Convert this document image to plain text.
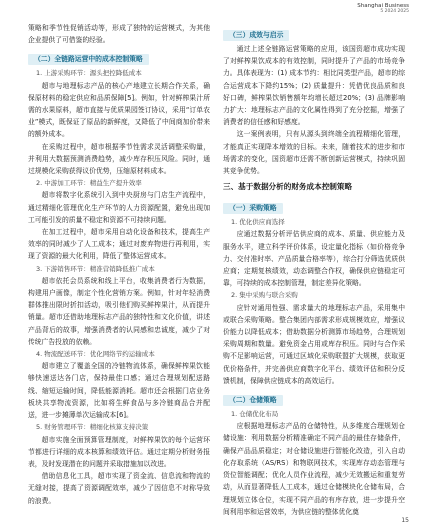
Shanghai Business
5 2024 2025

策略和季节性促销活动等，形成了独特的运营模式，为其他企业提供了可借鉴的经验。

（二）全链路运营中的成本控制策略
1. 上游采购环节：源头把控降低成本

超市与地理标志产品的核心产地建立长期合作关系，确保原材料的稳定供应和品质保障[5]。例如，针对鲜榨果汁所需的水果原料，超市直接与优质果园签订协议，采用“订单农业”模式，既保证了原品的新鲜度，又降低了中间商加价带来的额外成本。

在采购过程中，超市根据季节性需求灵活调整采购量，并利用大数据预测消费趋势，减少库存积压风险。同时，通过规模化采购获得议价优势，压缩原材料成本。

2. 中游加工环节：精益生产提升效率

超市将数字化系统引入到中央厨房与门店生产流程中，通过精细化管理优化生产环节的人力资源配置，避免出现加工可能引发的质量不稳定和资源不可持续问题。

在加工过程中，超市采用自动化设备和技术，提高生产效率的同时减少了人工成本；通过对废弃物进行再利用，实现了资源的最大化利用，降低了整体运营成本。

3. 下游销售环节：精准营销降低推广成本

超市依托会员系统和线上平台，收集消费者行为数据，构建用户画像，制定个性化营销方案。例如，针对年轻消费群体推出限时折扣活动，吸引他们购买鲜榨果汁，从而提升销量。超市还借助地理标志产品的独特性和文化价值，讲述产品背后的故事，增强消费者的认同感和忠诚度，减少了对传统广告投放的依赖。

4. 物流配送环节：优化网络节约运输成本

超市建立了覆盖全国的冷链物流体系，确保鲜榨果饮能够快速送达各门店，保持最佳口感；通过合理规划配送路线、缩短运输时间，降低能源消耗。超市还会根据门店业务板块共享物流资源，比如将生鲜食品与多冷链商品合并配送，进一步摊薄单次运输成本[6]。

5. 财务管理环节：精细化核算支持决策

超市实施全面预算管理制度，对鲜榨果饮的每个运营环节都进行详细的成本核算和绩效评估。通过定期分析财务报表，及时发现潜在的问题并采取措施加以改进。

借助信息化工具，超市实现了资金流、信息流和物流的无缝对接，提高了资源调配效率，减少了因信息不对称导致的浪费。

（三）成效与启示

通过上述全链路运营策略的应用，该国资超市成功实现了对鲜榨果饮成本的有效控制，同时提升了产品的市场竞争力。具体表现为：(1) 成本节约：相比同类型产品，超市的综合运营成本下降约15%；(2) 质量提升：凭借优良品质和良好口碑，鲜榨果饮销售额年均增长超过20%；(3) 品牌影响力扩大：地理标志产品的文化属性得到了充分挖掘，增强了消费者的信任感和好感度。

这一案例表明，只有从源头到终端全流程精细化管理，才能真正实现降本增效的目标。未来，随着技术的进步和市场需求的变化，国资超市还需不断创新运营模式，持续巩固其竞争优势。

三、基于数据分析的财务成本控制策略
（一）采购策略
1. 优化供应商选择

应通过数据分析评估供应商的成本、质量、供应能力及服务水平，建立科学评价体系，设定量化指标（如价格竞争力、交付准时率、产品质量合格率等），综合打分筛选优质供应商；定期复核绩效，动态调整合作权，确保供应链稳定可靠，可持续的成本控制管理，制定差异化策略。

2. 集中采购与联合采购

应针对通用性强、需求量大的地理标志产品，采用集中或联合采购策略。整合集团内部需求形成规模效应，增强议价能力以降低成本；借助数据分析测算市场趋势，合理规划采购周期和数量。避免资金占用或库存积压。同时与合作采购不足影响运营，可通过区域化采购联盟扩大规模，获取更优价格条件，并完善供应商数字化平台、绩效评估和积分反馈机制，保障供应链成本的高效运行。

（二）仓储策略
1. 仓储优化布局

应根据地理标志产品的仓储特性，从多维度合理规划仓储设施：利用数据分析精准确定不同产品的最佳存储条件，确保产品品质稳定；对仓储设施进行智能化改造，引入自动化存取系统（AS/RS）和物联网技术，实现库存动态管理与货位智能调配；优化人员作业流程，减少无效搬运和重复劳动，从而显著降低人工成本，通过仓储模块化仓储布局，合理规划立体仓位，实现不同产品的有序存放，进一步提升空间利用率和运营效率，为供应链的整体优化奠

15
